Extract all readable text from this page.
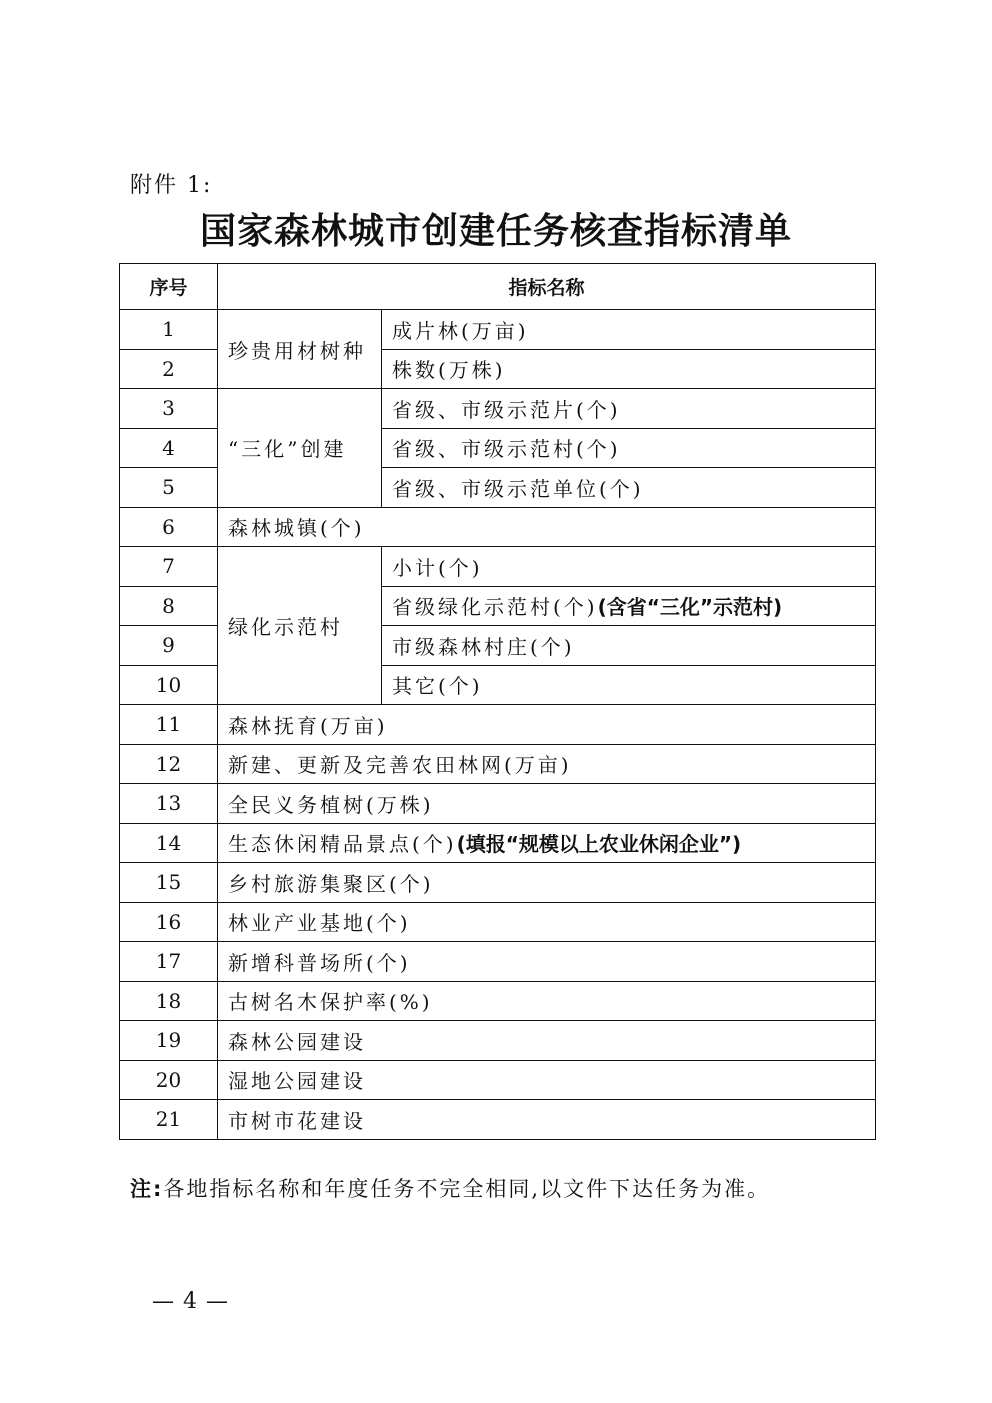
附件 1:
国家森林城市创建任务核查指标清单
序号	指标名称	
1	珍贵用材树种	成片林(万亩)
2		株数(万株)
3	“三化”创建	省级、市级示范片(个)
4		省级、市级示范村(个)
5		省级、市级示范单位(个)
6	森林城镇(个)	
7	绿化示范村	小计(个)
8		省级绿化示范村(个)(含省“三化”示范村)
9		市级森林村庄(个)
10		其它(个)
11	森林抚育(万亩)	
12	新建、更新及完善农田林网(万亩)	
13	全民义务植树(万株)	
14	生态休闲精品景点(个)(填报“规模以上农业休闲企业”)	
15	乡村旅游集聚区(个)	
16	林业产业基地(个)	
17	新增科普场所(个)	
18	古树名木保护率(%)	
19	森林公园建设	
20	湿地公园建设	
21	市树市花建设	
注:各地指标名称和年度任务不完全相同,以文件下达任务为准。
— 4 —
